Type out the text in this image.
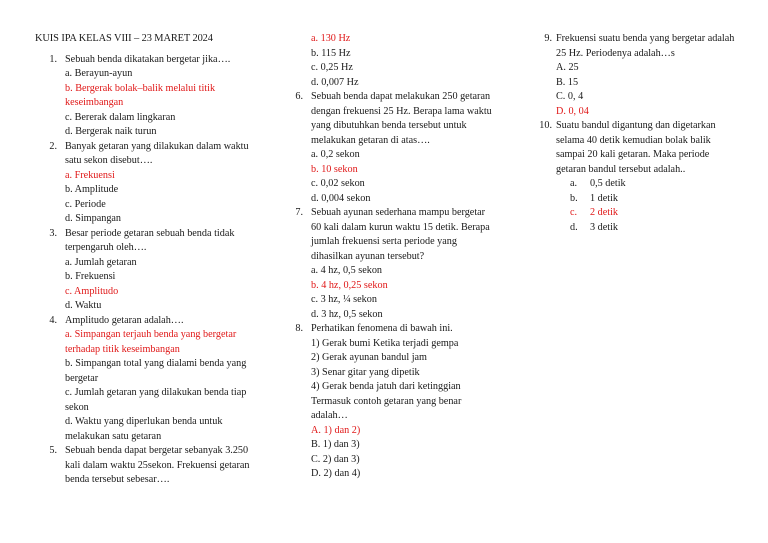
KUIS IPA KELAS VIII – 23 MARET 2024
1. Sebuah benda dikatakan bergetar jika….
a. Berayun-ayun
b. Bergerak bolak–balik melalui titik keseimbangan
c. Bererak dalam lingkaran
d. Bergerak naik turun
2. Banyak getaran yang dilakukan dalam waktu satu sekon disebut….
a. Frekuensi
b. Amplitude
c. Periode
d. Simpangan
3. Besar periode getaran sebuah benda tidak terpengaruh oleh….
a. Jumlah getaran
b. Frekuensi
c. Amplitudo
d. Waktu
4. Amplitudo getaran adalah….
a. Simpangan terjauh benda yang bergetar terhadap titik keseimbangan
b. Simpangan total yang dialami benda yang bergetar
c. Jumlah getaran yang dilakukan benda tiap sekon
d. Waktu yang diperlukan benda untuk melakukan satu getaran
5. Sebuah benda dapat bergetar sebanyak 3.250 kali dalam waktu 25sekon. Frekuensi getaran benda tersebut sebesar….
a. 130 Hz
b. 115 Hz
c. 0,25 Hz
d. 0,007 Hz
6. Sebuah benda dapat melakukan 250 getaran dengan frekuensi 25 Hz. Berapa lama waktu yang dibutuhkan benda tersebut untuk melakukan getaran di atas….
a. 0,2 sekon
b. 10 sekon
c. 0,02 sekon
d. 0,004 sekon
7. Sebuah ayunan sederhana mampu bergetar 60 kali dalam kurun waktu 15 detik. Berapa jumlah frekuensi serta periode yang dihasilkan ayunan tersebut?
a. 4 hz, 0,5 sekon
b. 4 hz, 0,25 sekon
c. 3 hz, ¼ sekon
d. 3 hz, 0,5 sekon
8. Perhatikan fenomena di bawah ini.
1) Gerak bumi Ketika terjadi gempa
2) Gerak ayunan bandul jam
3) Senar gitar yang dipetik
4) Gerak benda jatuh dari ketinggian
Termasuk contoh getaran yang benar adalah…
A. 1) dan 2)
B. 1) dan 3)
C. 2) dan 3)
D. 2) dan 4)
9. Frekuensi suatu benda yang bergetar adalah 25 Hz. Periodenya adalah…s
A. 25
B. 15
C. 0, 4
D. 0, 04
10. Suatu bandul digantung dan digetarkan selama 40 detik kemudian bolak balik sampai 20 kali getaran. Maka periode getaran bandul tersebut adalah..
a.	0,5 detik
b.	1 detik
c.	2 detik
d.	3 detik
